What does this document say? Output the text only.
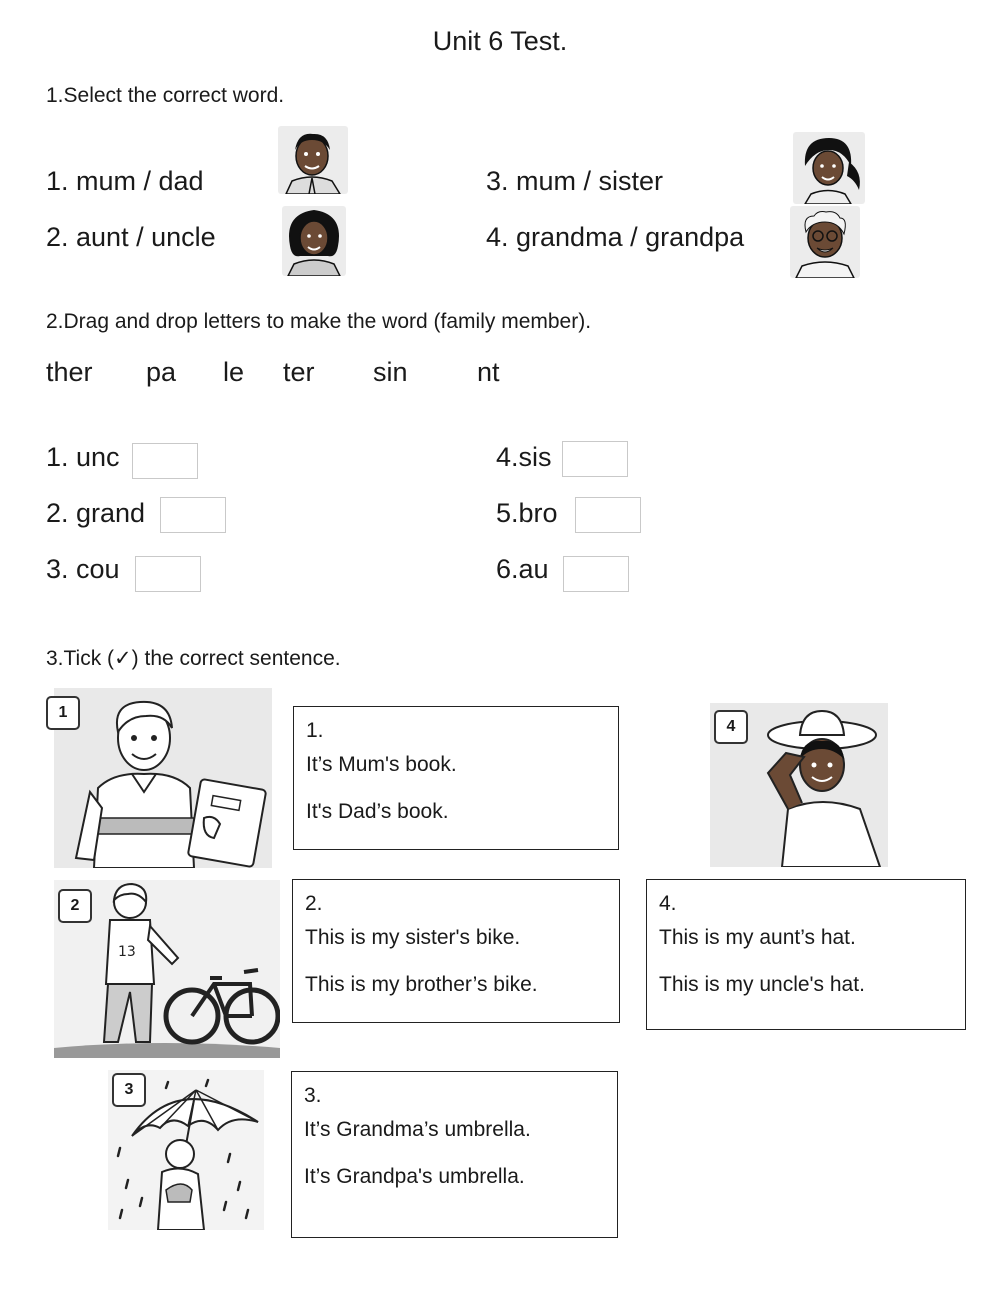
Unit 6 Test.
1.Select the correct word.
1. mum / dad
2. aunt / uncle
3. mum / sister
4. grandma / grandpa
2.Drag and drop letters to make the word (family member).
ther pa le ter sin	nt
1. unc
2. grand
3. cou
4.sis
5.bro
6.au
3.Tick (✓) the correct sentence.
1
13
2
3
4
1.
It’s Mum's book.
It's Dad’s book.
2.
This is my sister's bike.
This is my brother’s bike.
3.
It’s Grandma’s umbrella.
It’s Grandpa's umbrella.
4.
This is my aunt’s hat.
This is my uncle's hat.
